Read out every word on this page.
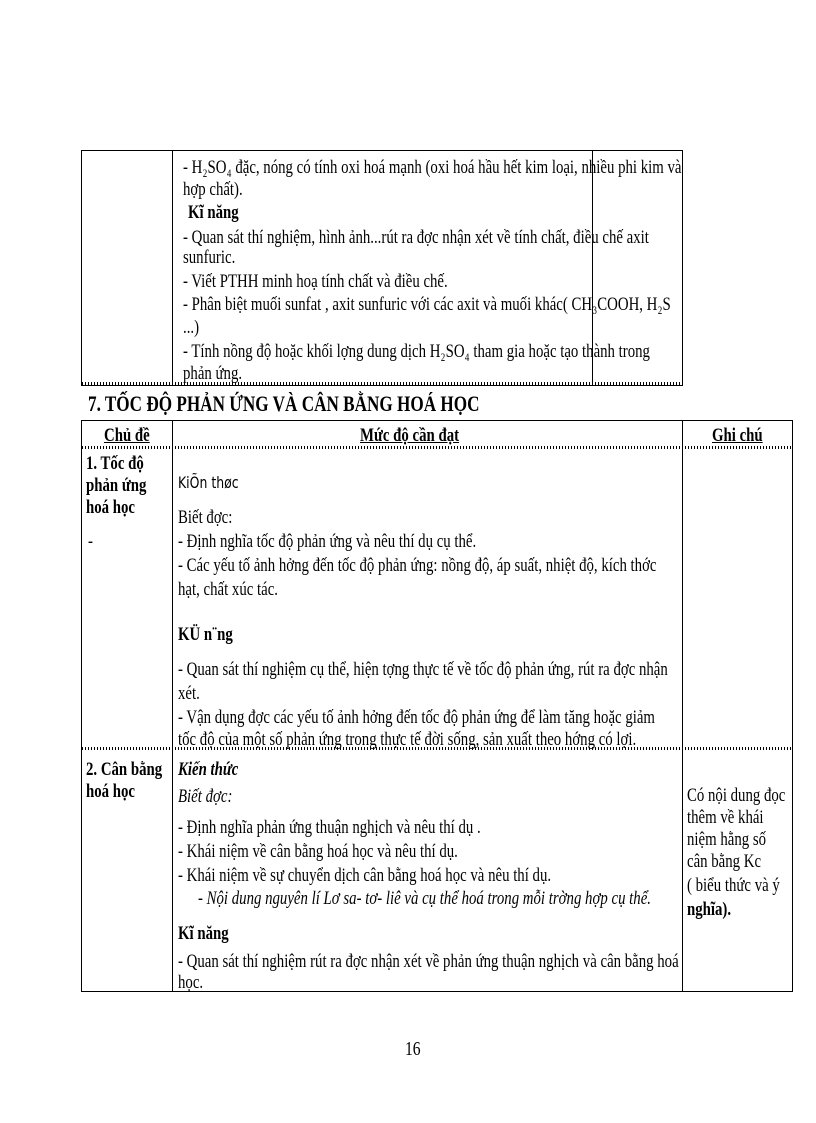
- H₂SO₄ đặc, nóng có tính oxi hoá mạnh (oxi hoá hầu hết kim loại, nhiều phi kim và
hợp chất).
Kĩ năng
- Quan sát thí nghiệm, hình ảnh...rút ra đợc nhận xét về tính chất, điều chế axit
sunfuric.
- Viết PTHH minh hoạ tính chất và điều chế.
- Phân biệt muối sunfat , axit sunfuric với các axit và muối khác( CH₃COOH, H₂S
...)
- Tính nồng độ hoặc khối lợng dung dịch H₂SO₄ tham gia hoặc tạo thành trong
phản ứng.
7. TỐC ĐỘ PHẢN ỨNG VÀ CÂN BẰNG HOÁ HỌC
Chủ đề	Mức độ cần đạt	Ghi chú
1. Tốc độ
phản ứng
hoá học
-
KiÕn thøc
Biết đợc:
- Định nghĩa tốc độ phản ứng và nêu thí dụ cụ thể.
- Các yếu tố ảnh hởng đến tốc độ phản ứng: nồng độ, áp suất, nhiệt độ, kích thớc
hạt, chất xúc tác.
KÜ n¨ng
- Quan sát thí nghiệm cụ thể, hiện tợng thực tế về tốc độ phản ứng, rút ra đợc nhận
xét.
- Vận dụng đợc các yếu tố ảnh hởng đến tốc độ phản ứng để làm tăng hoặc giảm
tốc độ của một số phản ứng trong thực tế đời sống, sản xuất theo hớng có lợi.
2. Cân bằng
hoá học
Kiến thức
Biết đợc:
- Định nghĩa phản ứng thuận nghịch và nêu thí dụ .
- Khái niệm về cân bằng hoá học và nêu thí dụ.
- Khái niệm về sự chuyển dịch cân bằng hoá học và nêu thí dụ.
- Nội dung nguyên lí Lơ sa- tơ- liê và cụ thể hoá trong mỗi trờng hợp cụ thể.
Kĩ năng
- Quan sát thí nghiệm rút ra đợc nhận xét về phản ứng thuận nghịch và cân bằng hoá
học.
Có nội dung đọc
thêm về khái
niệm hằng số
cân bằng Kc
( biểu thức và ý
nghĩa).
16
